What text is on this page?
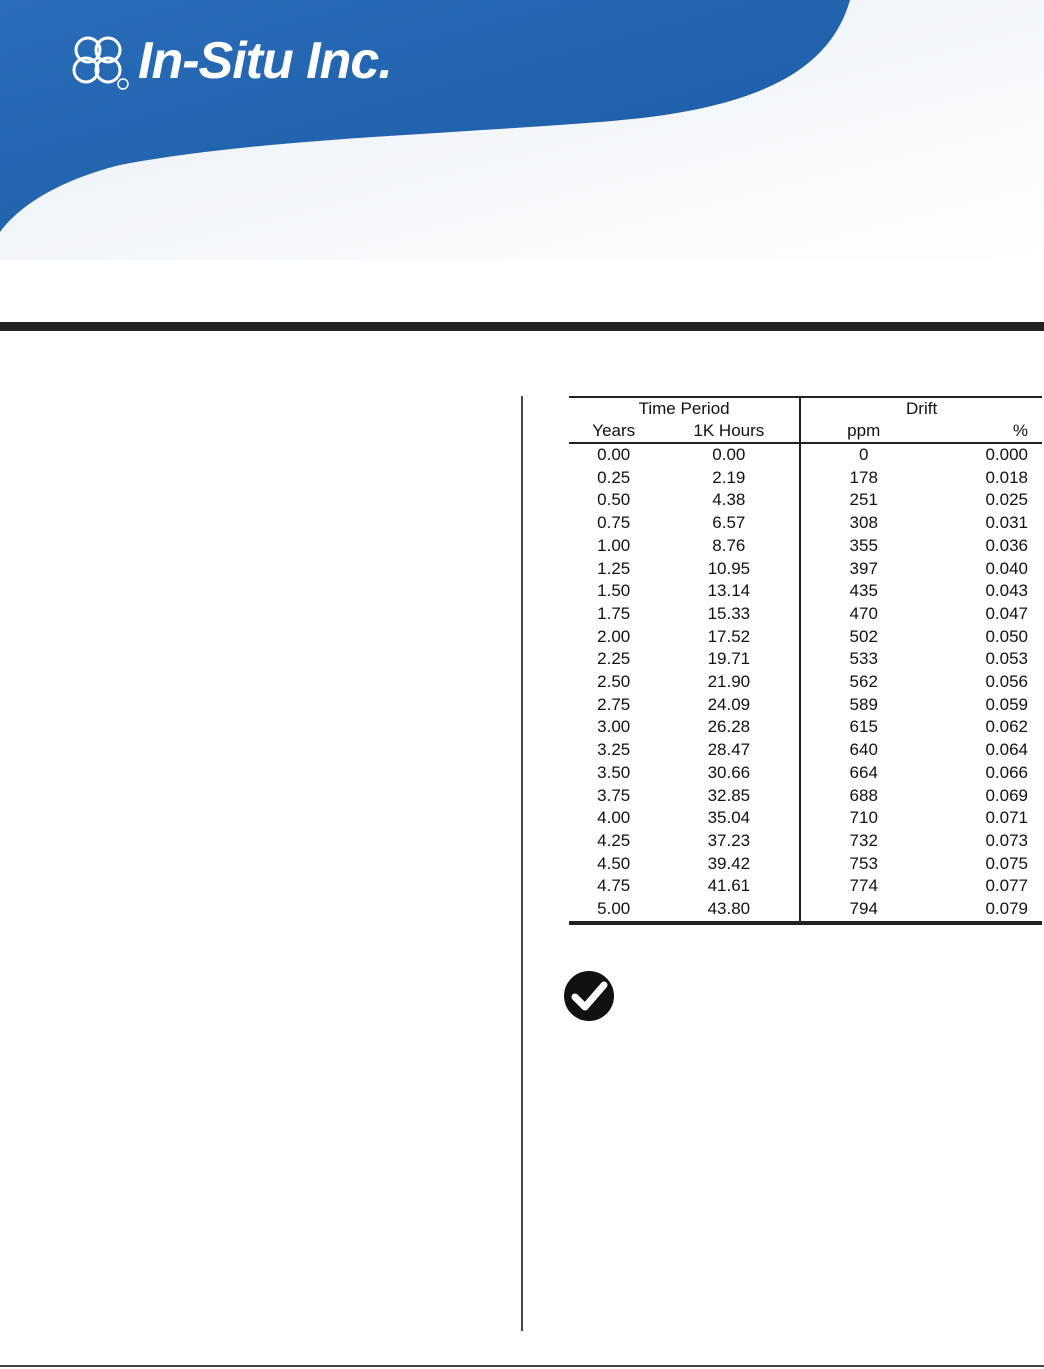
In-Situ Inc.
Time Period		Drift	
Years	1K Hours	ppm	%
0.00	0.00	0	0.000
0.25	2.19	178	0.018
0.50	4.38	251	0.025
0.75	6.57	308	0.031
1.00	8.76	355	0.036
1.25	10.95	397	0.040
1.50	13.14	435	0.043
1.75	15.33	470	0.047
2.00	17.52	502	0.050
2.25	19.71	533	0.053
2.50	21.90	562	0.056
2.75	24.09	589	0.059
3.00	26.28	615	0.062
3.25	28.47	640	0.064
3.50	30.66	664	0.066
3.75	32.85	688	0.069
4.00	35.04	710	0.071
4.25	37.23	732	0.073
4.50	39.42	753	0.075
4.75	41.61	774	0.077
5.00	43.80	794	0.079
